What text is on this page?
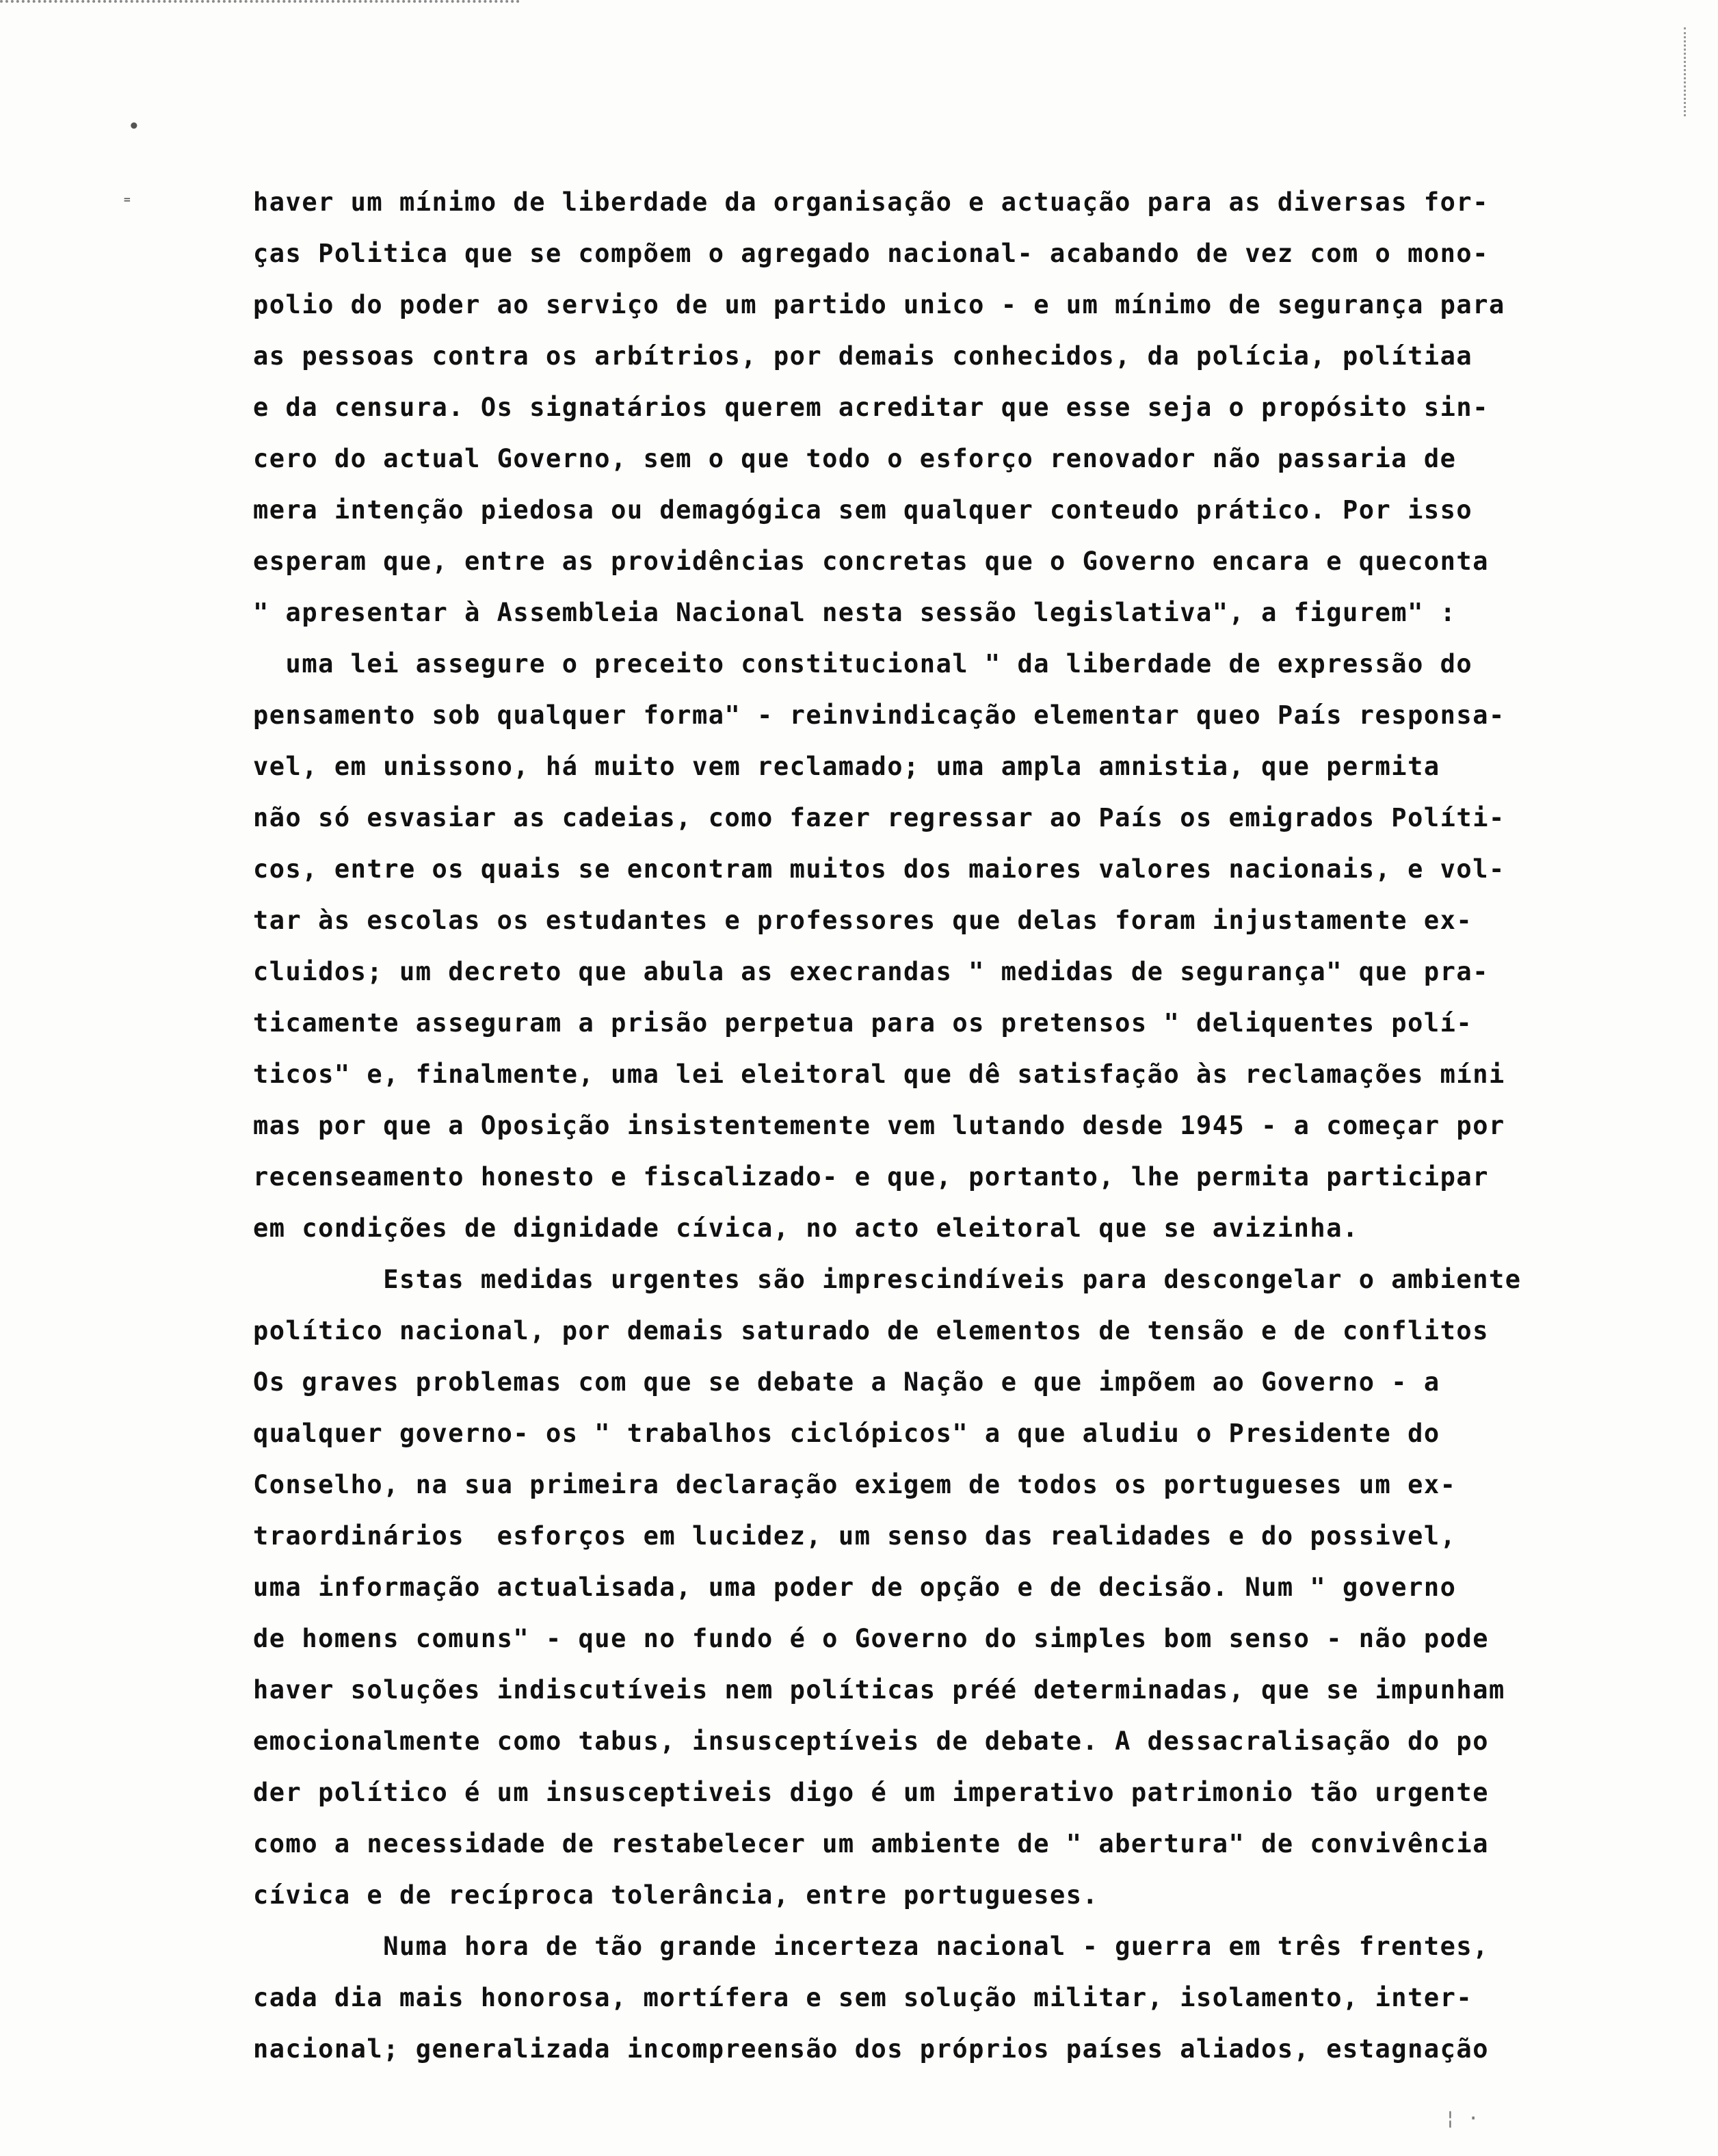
•
⁼
¦ ·
haver um mínimo de liberdade da organisação e actuação para as diversas for-
ças Politica que se compõem o agregado nacional- acabando de vez com o mono-
polio do poder ao serviço de um partido unico - e um mínimo de segurança para
as pessoas contra os arbítrios, por demais conhecidos, da polícia, polítiaa
e da censura. Os signatários querem acreditar que esse seja o propósito sin-
cero do actual Governo, sem o que todo o esforço renovador não passaria de
mera intenção piedosa ou demagógica sem qualquer conteudo prático. Por isso
esperam que, entre as providências concretas que o Governo encara e queconta
" apresentar à Assembleia Nacional nesta sessão legislativa", a figurem" :
uma lei assegure o preceito constitucional " da liberdade de expressão do
pensamento sob qualquer forma" - reinvindicação elementar queo País responsa-
vel, em unissono, há muito vem reclamado; uma ampla amnistia, que permita
não só esvasiar as cadeias, como fazer regressar ao País os emigrados Políti-
cos, entre os quais se encontram muitos dos maiores valores nacionais, e vol-
tar às escolas os estudantes e professores que delas foram injustamente ex-
cluidos; um decreto que abula as execrandas " medidas de segurança" que pra-
ticamente asseguram a prisão perpetua para os pretensos " deliquentes polí-
ticos" e, finalmente, uma lei eleitoral que dê satisfação às reclamações míni
mas por que a Oposição insistentemente vem lutando desde 1945 - a começar por
recenseamento honesto e fiscalizado- e que, portanto, lhe permita participar
em condições de dignidade cívica, no acto eleitoral que se avizinha.
Estas medidas urgentes são imprescindíveis para descongelar o ambiente
político nacional, por demais saturado de elementos de tensão e de conflitos
Os graves problemas com que se debate a Nação e que impõem ao Governo - a
qualquer governo- os " trabalhos ciclópicos" a que aludiu o Presidente do
Conselho, na sua primeira declaração exigem de todos os portugueses um ex-
traordinários  esforços em lucidez, um senso das realidades e do possivel,
uma informação actualisada, uma poder de opção e de decisão. Num " governo
de homens comuns" - que no fundo é o Governo do simples bom senso - não pode
haver soluções indiscutíveis nem políticas préé determinadas, que se impunham
emocionalmente como tabus, insusceptíveis de debate. A dessacralisação do po
der político é um insusceptiveis digo é um imperativo patrimonio tão urgente
como a necessidade de restabelecer um ambiente de " abertura" de convivência
cívica e de recíproca tolerância, entre portugueses.
Numa hora de tão grande incerteza nacional - guerra em três frentes,
cada dia mais honorosa, mortífera e sem solução militar, isolamento, inter-
nacional; generalizada incompreensão dos próprios países aliados, estagnação
